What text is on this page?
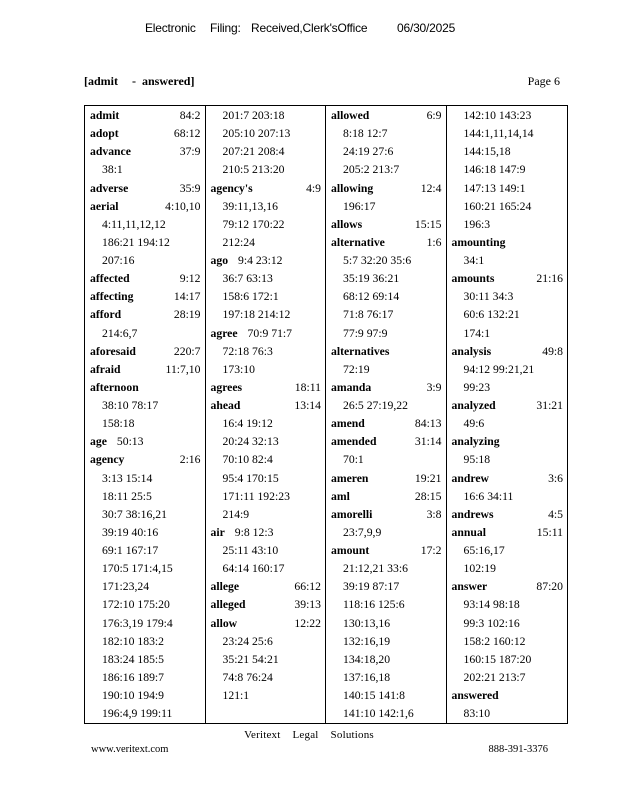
Electronic Filing: Received,Clerk'sOffice 06/30/2025
[admit - answered]	Page 6
admit	84:2
adopt	68:12
advance	37:9
38:1
adverse	35:9
aerial	4:10,10
4:11,11,12,12
186:21 194:12
207:16
affected	9:12
affecting	14:17
afford	28:19
214:6,7
aforesaid	220:7
afraid	11:7,10
afternoon
38:10 78:17
158:18
age 50:13
agency	2:16
3:13 15:14
18:11 25:5
30:7 38:16,21
39:19 40:16
69:1 167:17
170:5 171:4,15
171:23,24
172:10 175:20
176:3,19 179:4
182:10 183:2
183:24 185:5
186:16 189:7
190:10 194:9
196:4,9 199:11
201:7 203:18
205:10 207:13
207:21 208:4
210:5 213:20
agency's	4:9
39:11,13,16
79:12 170:22
212:24
ago 9:4 23:12
36:7 63:13
158:6 172:1
197:18 214:12
agree 70:9 71:7
72:18 76:3
173:10
agrees	18:11
ahead	13:14
16:4 19:12
20:24 32:13
70:10 82:4
95:4 170:15
171:11 192:23
214:9
air 9:8 12:3
25:11 43:10
64:14 160:17
allege	66:12
alleged	39:13
allow	12:22
23:24 25:6
35:21 54:21
74:8 76:24
121:1
allowed	6:9
8:18 12:7
24:19 27:6
205:2 213:7
allowing	12:4
196:17
allows	15:15
alternative	1:6
5:7 32:20 35:6
35:19 36:21
68:12 69:14
71:8 76:17
77:9 97:9
alternatives
72:19
amanda	3:9
26:5 27:19,22
amend	84:13
amended	31:14
70:1
ameren	19:21
aml	28:15
amorelli	3:8
23:7,9,9
amount	17:2
21:12,21 33:6
39:19 87:17
118:16 125:6
130:13,16
132:16,19
134:18,20
137:16,18
140:15 141:8
141:10 142:1,6
142:10 143:23
144:1,11,14,14
144:15,18
146:18 147:9
147:13 149:1
160:21 165:24
196:3
amounting
34:1
amounts	21:16
30:11 34:3
60:6 132:21
174:1
analysis	49:8
94:12 99:21,21
99:23
analyzed	31:21
49:6
analyzing
95:18
andrew	3:6
16:6 34:11
andrews	4:5
annual	15:11
65:16,17
102:19
answer	87:20
93:14 98:18
99:3 102:16
158:2 160:12
160:15 187:20
202:21 213:7
answered
83:10
Veritext Legal Solutions
www.veritext.com	888-391-3376
